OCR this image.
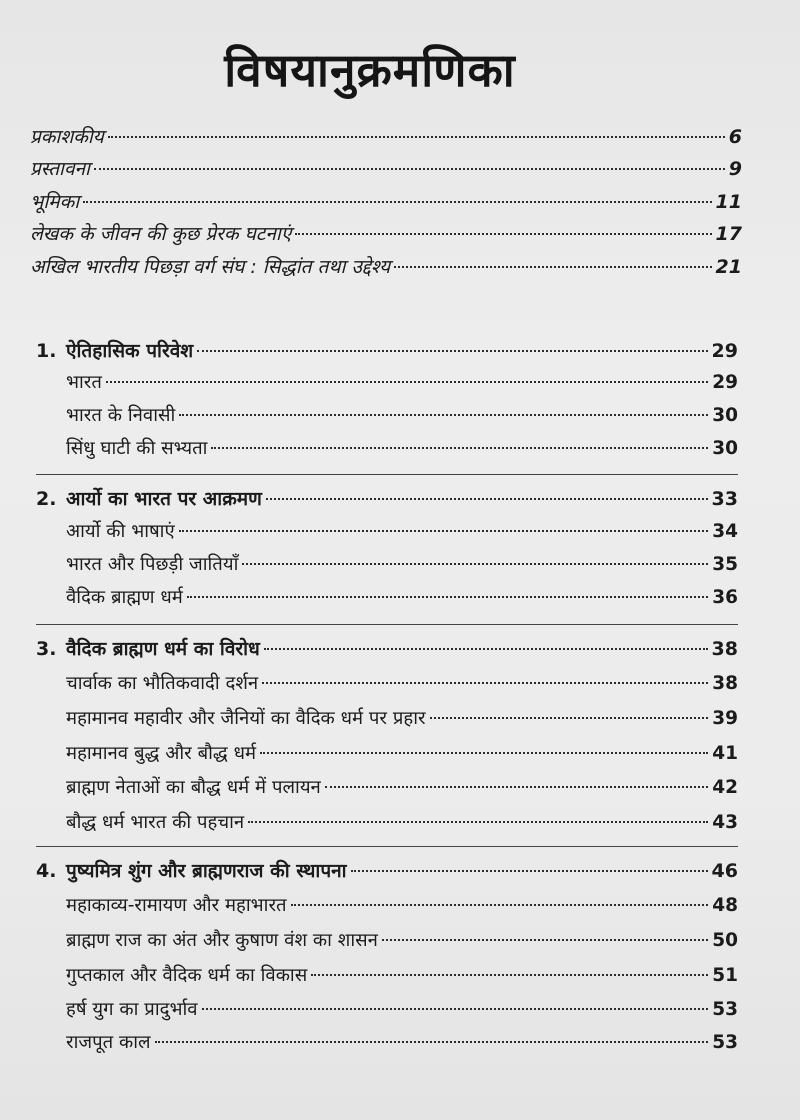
विषयानुक्रमणिका
प्रकाशकीय	6
प्रस्तावना	9
भूमिका	11
लेखक के जीवन की कुछ प्रेरक घटनाएं	17
अखिल भारतीय पिछड़ा वर्ग संघ : सिद्धांत तथा उद्देश्य	21
1. ऐतिहासिक परिवेश	29
भारत	29
भारत के निवासी	30
सिंधु घाटी की सभ्यता	30
2. आर्यो का भारत पर आक्रमण	33
आर्यो की भाषाएं	34
भारत और पिछड़ी जातियाँ	35
वैदिक ब्राह्मण धर्म	36
3. वैदिक ब्राह्मण धर्म का विरोध	38
चार्वाक का भौतिकवादी दर्शन	38
महामानव महावीर और जैनियों का वैदिक धर्म पर प्रहार	39
महामानव बुद्ध और बौद्ध धर्म	41
ब्राह्मण नेताओं का बौद्ध धर्म में पलायन	42
बौद्ध धर्म भारत की पहचान	43
4. पुष्यमित्र शुंग और ब्राह्मणराज की स्थापना	46
महाकाव्य-रामायण और महाभारत	48
ब्राह्मण राज का अंत और कुषाण वंश का शासन	50
गुप्तकाल और वैदिक धर्म का विकास	51
हर्ष युग का प्रादुर्भाव	53
राजपूत काल	53
